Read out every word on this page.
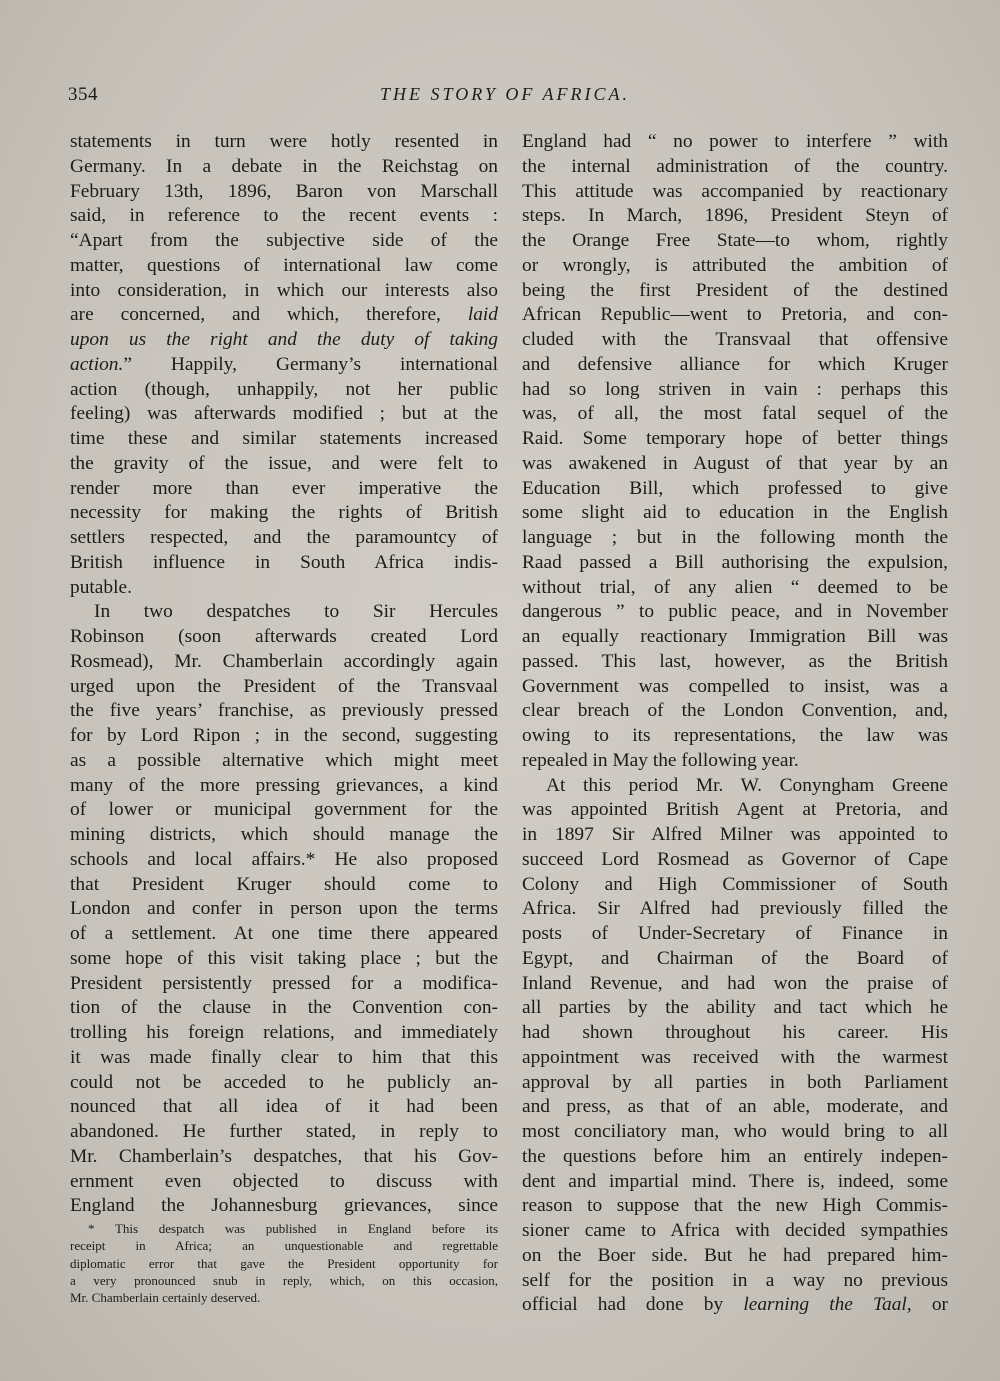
354	THE STORY OF AFRICA.
statements in turn were hotly resented in
Germany. In a debate in the Reichstag on
February 13th, 1896, Baron von Marschall
said, in reference to the recent events :
“Apart from the subjective side of the
matter, questions of international law come
into consideration, in which our interests also
are concerned, and which, therefore, laid
upon us the right and the duty of taking
action.” Happily, Germany’s international
action (though, unhappily, not her public
feeling) was afterwards modified ; but at the
time these and similar statements increased
the gravity of the issue, and were felt to
render more than ever imperative the
necessity for making the rights of British
settlers respected, and the paramountcy of
British influence in South Africa indis-
putable.
In two despatches to Sir Hercules
Robinson (soon afterwards created Lord
Rosmead), Mr. Chamberlain accordingly again
urged upon the President of the Transvaal
the five years’ franchise, as previously pressed
for by Lord Ripon ; in the second, suggesting
as a possible alternative which might meet
many of the more pressing grievances, a kind
of lower or municipal government for the
mining districts, which should manage the
schools and local affairs.* He also proposed
that President Kruger should come to
London and confer in person upon the terms
of a settlement. At one time there appeared
some hope of this visit taking place ; but the
President persistently pressed for a modifica-
tion of the clause in the Convention con-
trolling his foreign relations, and immediately
it was made finally clear to him that this
could not be acceded to he publicly an-
nounced that all idea of it had been
abandoned. He further stated, in reply to
Mr. Chamberlain’s despatches, that his Gov-
ernment even objected to discuss with
England the Johannesburg grievances, since
England had “ no power to interfere ” with
the internal administration of the country.
This attitude was accompanied by reactionary
steps. In March, 1896, President Steyn of
the Orange Free State—to whom, rightly
or wrongly, is attributed the ambition of
being the first President of the destined
African Republic—went to Pretoria, and con-
cluded with the Transvaal that offensive
and defensive alliance for which Kruger
had so long striven in vain : perhaps this
was, of all, the most fatal sequel of the
Raid. Some temporary hope of better things
was awakened in August of that year by an
Education Bill, which professed to give
some slight aid to education in the English
language ; but in the following month the
Raad passed a Bill authorising the expulsion,
without trial, of any alien “ deemed to be
dangerous ” to public peace, and in November
an equally reactionary Immigration Bill was
passed. This last, however, as the British
Government was compelled to insist, was a
clear breach of the London Convention, and,
owing to its representations, the law was
repealed in May the following year.
At this period Mr. W. Conyngham Greene
was appointed British Agent at Pretoria, and
in 1897 Sir Alfred Milner was appointed to
succeed Lord Rosmead as Governor of Cape
Colony and High Commissioner of South
Africa. Sir Alfred had previously filled the
posts of Under-Secretary of Finance in
Egypt, and Chairman of the Board of
Inland Revenue, and had won the praise of
all parties by the ability and tact which he
had shown throughout his career. His
appointment was received with the warmest
approval by all parties in both Parliament
and press, as that of an able, moderate, and
most conciliatory man, who would bring to all
the questions before him an entirely indepen-
dent and impartial mind. There is, indeed, some
reason to suppose that the new High Commis-
sioner came to Africa with decided sympathies
on the Boer side. But he had prepared him-
self for the position in a way no previous
official had done by learning the Taal, or
* This despatch was published in England before its
receipt in Africa; an unquestionable and regrettable
diplomatic error that gave the President opportunity for
a very pronounced snub in reply, which, on this occasion,
Mr. Chamberlain certainly deserved.
